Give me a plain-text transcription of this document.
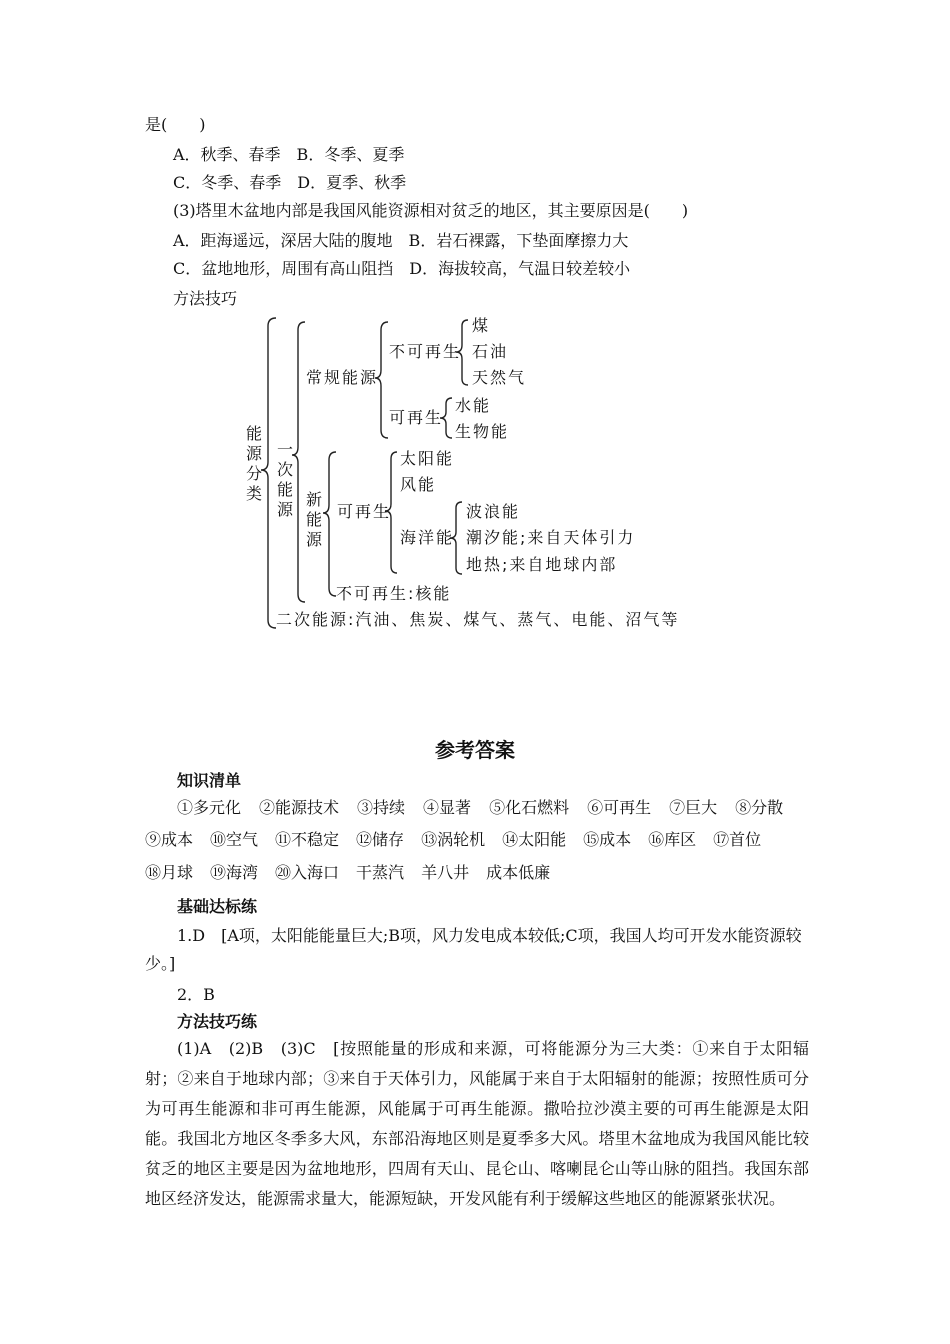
是(　　)
A．秋季、春季　B．冬季、夏季
C．冬季、春季　D．夏季、秋季
(3)塔里木盆地内部是我国风能资源相对贫乏的地区，其主要原因是(　　)
A．距海遥远，深居大陆的腹地　B．岩石裸露，下垫面摩擦力大
C．盆地地形，周围有高山阻挡　D．海拔较高，气温日较差较小
方法技巧
能源分类
一次能源
常规能源
不可再生
煤
石油
天然气
可再生
水能
生物能
新能源
可再生
太阳能
风能
海洋能
波浪能
潮汐能;来自天体引力
地热;来自地球内部
不可再生:核能
二次能源:汽油、焦炭、煤气、蒸气、电能、沼气等
参考答案
知识清单
①多元化 ②能源技术 ③持续 ④显著 ⑤化石燃料 ⑥可再生 ⑦巨大 ⑧分散
⑨成本 ⑩空气 ⑪不稳定 ⑫储存 ⑬涡轮机 ⑭太阳能 ⑮成本 ⑯库区 ⑰首位
⑱月球 ⑲海湾 ⑳入海口 干蒸汽 羊八井 成本低廉
基础达标练
1.D　[A项，太阳能能量巨大;B项，风力发电成本较低;C项，我国人均可开发水能资源较
少。]
2．B
方法技巧练
(1)A　(2)B　(3)C　[按照能量的形成和来源，可将能源分为三大类：①来自于太阳辐射；②来自于地球内部；③来自于天体引力，风能属于来自于太阳辐射的能源；按照性质可分为可再生能源和非可再生能源，风能属于可再生能源。撒哈拉沙漠主要的可再生能源是太阳能。我国北方地区冬季多大风，东部沿海地区则是夏季多大风。塔里木盆地成为我国风能比较贫乏的地区主要是因为盆地地形，四周有天山、昆仑山、喀喇昆仑山等山脉的阻挡。我国东部地区经济发达，能源需求量大，能源短缺，开发风能有利于缓解这些地区的能源紧张状况。
